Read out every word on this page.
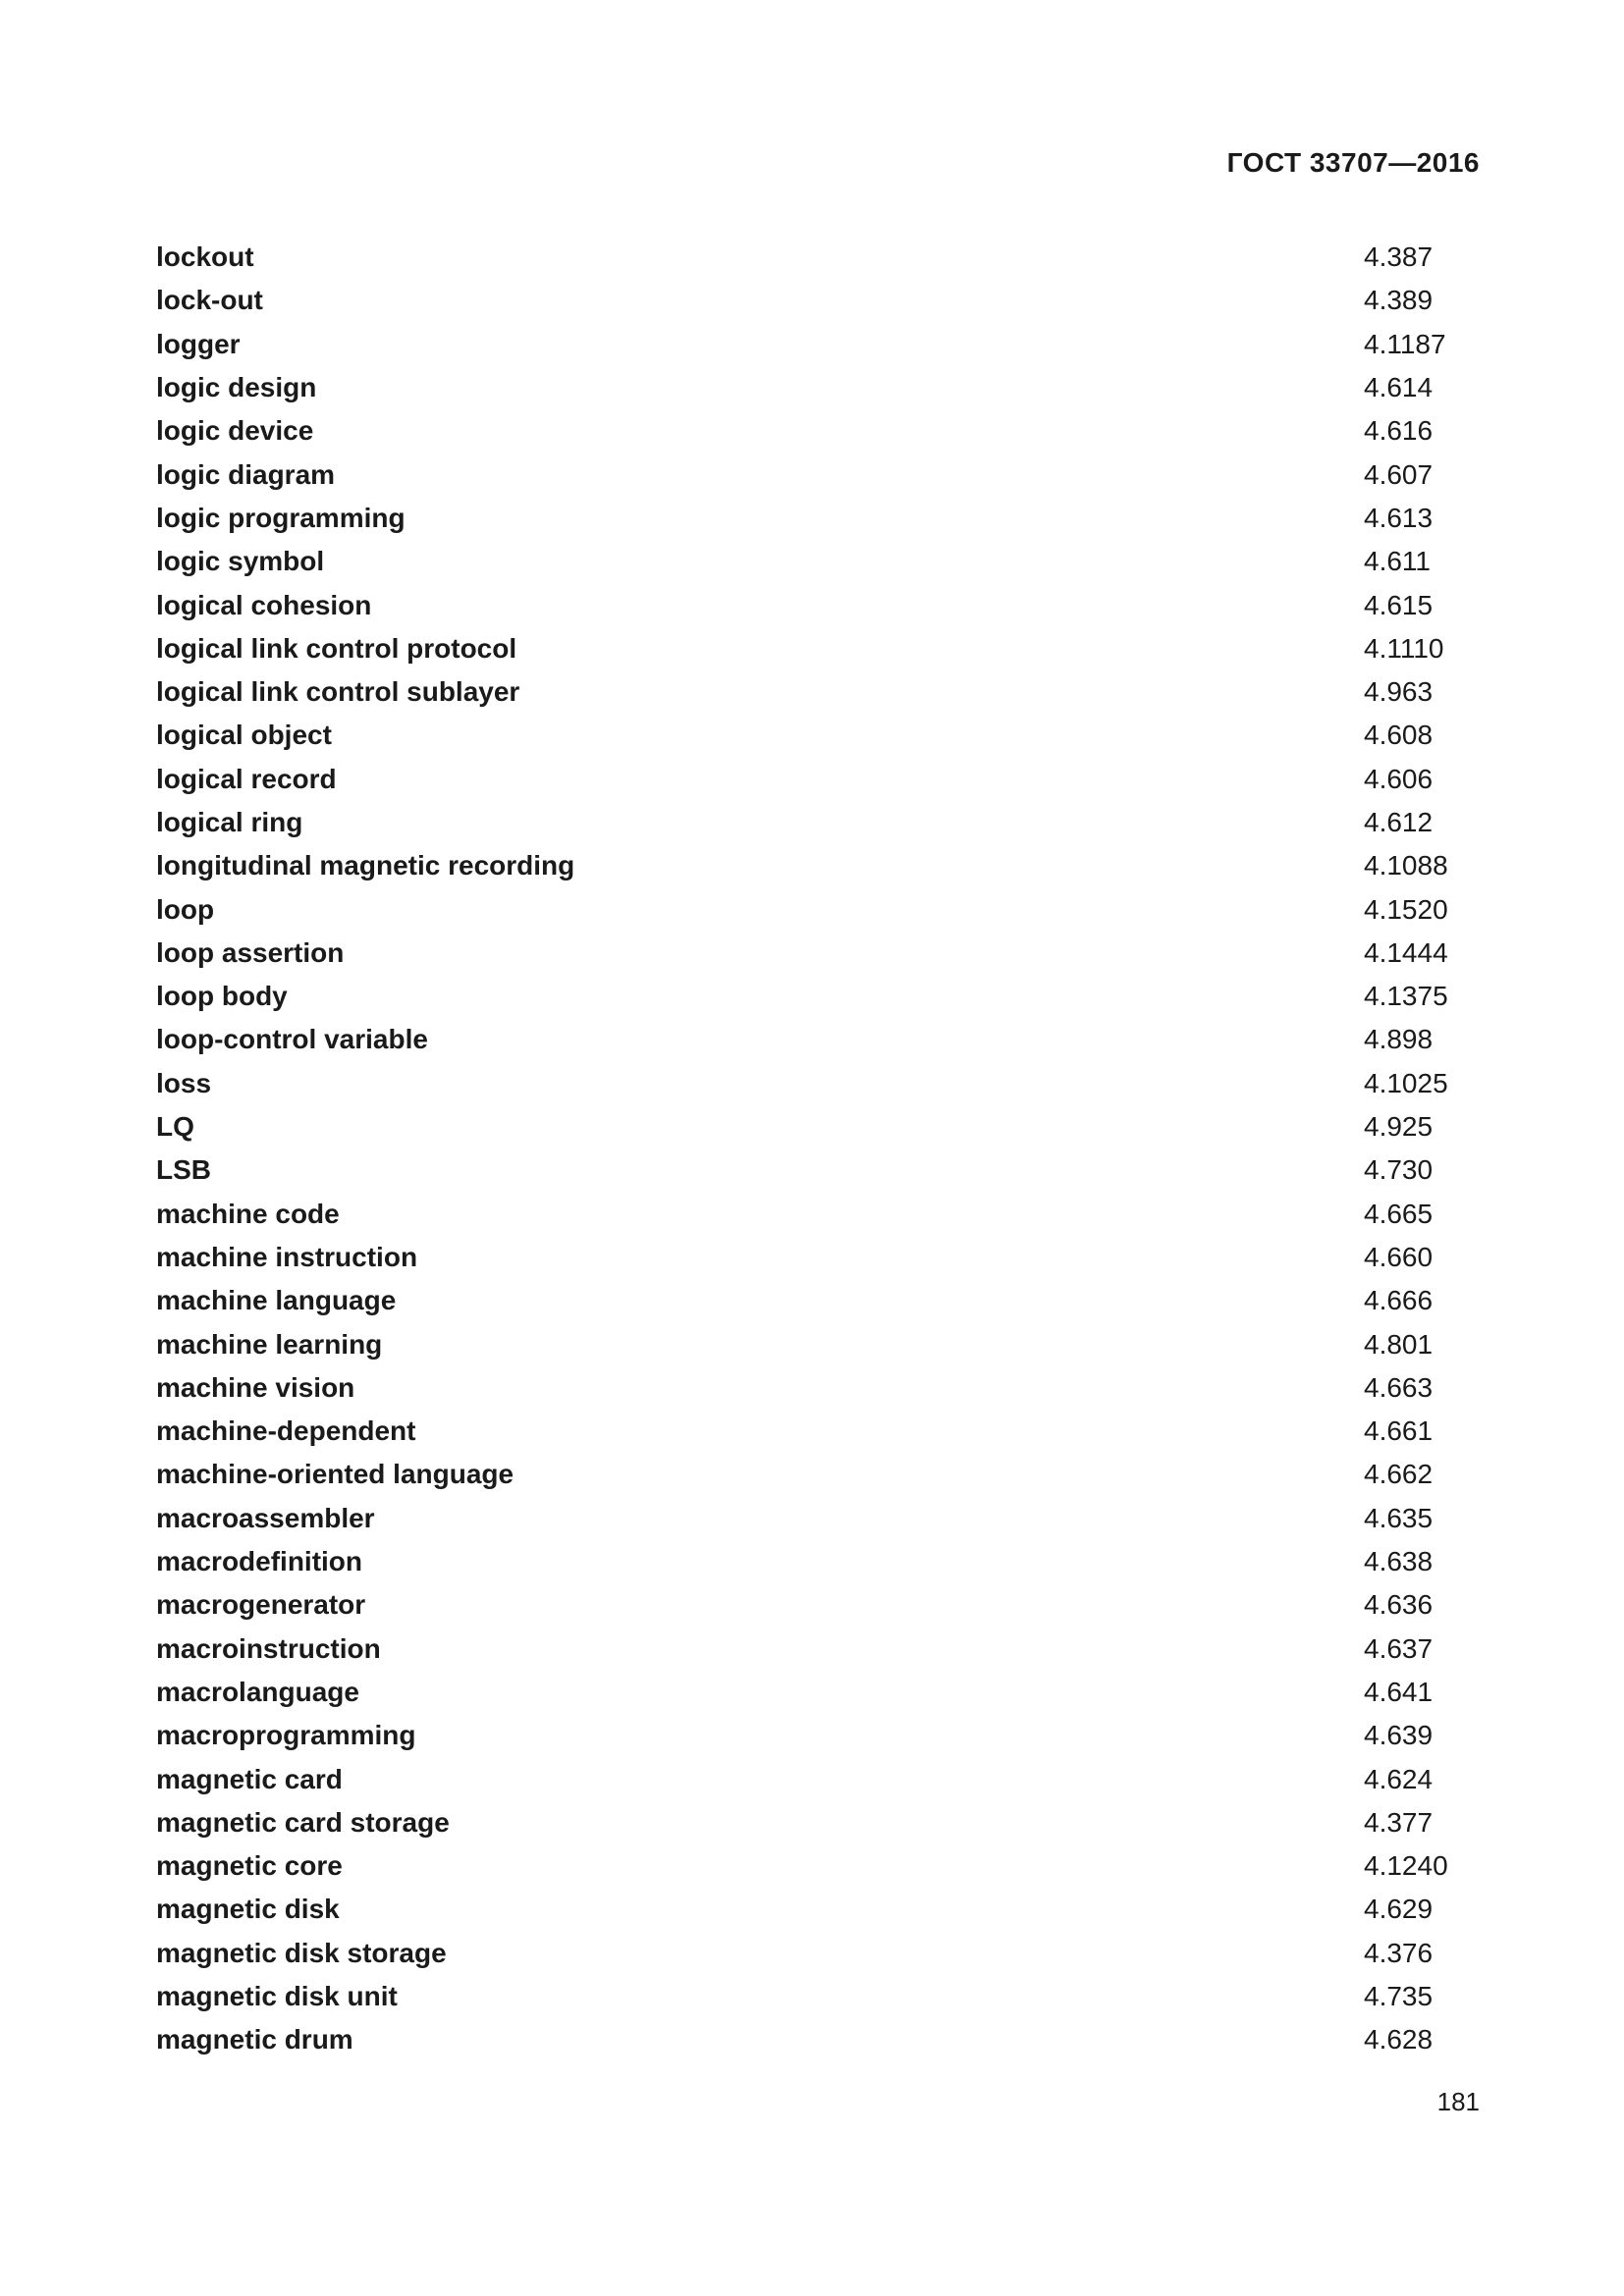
ГОСТ 33707—2016
lockout	4.387
lock-out	4.389
logger	4.1187
logic design	4.614
logic device	4.616
logic diagram	4.607
logic programming	4.613
logic symbol	4.611
logical cohesion	4.615
logical link control protocol	4.1110
logical link control sublayer	4.963
logical object	4.608
logical record	4.606
logical ring	4.612
longitudinal magnetic recording	4.1088
loop	4.1520
loop assertion	4.1444
loop body	4.1375
loop-control variable	4.898
loss	4.1025
LQ	4.925
LSB	4.730
machine code	4.665
machine instruction	4.660
machine language	4.666
machine learning	4.801
machine vision	4.663
machine-dependent	4.661
machine-oriented language	4.662
macroassembler	4.635
macrodefinition	4.638
macrogenerator	4.636
macroinstruction	4.637
macrolanguage	4.641
macroprogramming	4.639
magnetic card	4.624
magnetic card storage	4.377
magnetic core	4.1240
magnetic disk	4.629
magnetic disk storage	4.376
magnetic disk unit	4.735
magnetic drum	4.628
181
